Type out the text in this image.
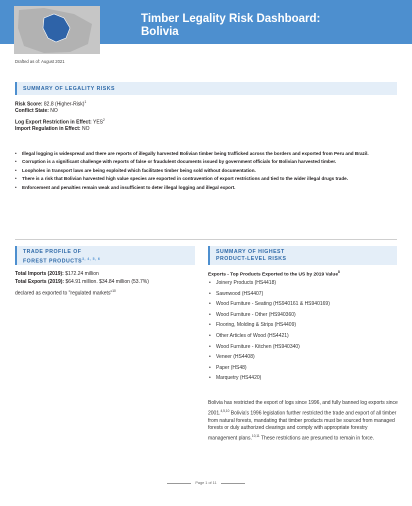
Timber Legality Risk Dashboard:
Bolivia
Drafted as of: August 2021
SUMMARY OF LEGALITY RISKS
Risk Score: 82.8 (Higher-Risk)$^1$
Conflict State: NO
Log Export Restriction in Effect: YES$^2$
Import Regulation in Effect: NO
• Illegal logging is widespread and there are reports of illegally harvested Bolivian timber being trafficked across the borders and exported from Peru and Brazil.
• Corruption is a significant challenge with reports of false or fraudulent documents issued by government officials for Bolivian harvested timber.
• Loopholes in transport laws are being exploited which facilitates timber being sold without documentation.
• There is a risk that Bolivian harvested high value species are exported in contravention of export restrictions and tied to the wider illegal drugs trade.
• Enforcement and penalties remain weak and insufficient to deter illegal logging and illegal export.
TRADE PROFILE OF
FOREST PRODUCTS$^{3, 4, 5, 6}$
SUMMARY OF HIGHEST
PRODUCT-LEVEL RISKS
Total Imports (2019): $172.24 million
Total Exports (2019): $64.91 million. $34.84 million (53.7%)
declared as exported to "regulated markets"$^{10}$
Exports - Top Products Exported to the US by 2019 Value$^8$
• Joinery Products (HS4418)
• Sawnwood (HS4407)
• Wood Furniture - Seating (HS940161 & HS940169)
• Wood Furniture - Other (HS940360)
• Flooring, Molding & Strips (HS4409)
• Other Articles of Wood (HS4421)
• Wood Furniture - Kitchen (HS940340)
• Veneer (HS4408)
• Paper (HS48)
• Marquetry (HS4420)
Bolivia has restricted the export of logs since 1996, and fully banned log exports since 2001.$^{4,5,10}$ Bolivia's 1996 legislation further restricted the trade and export of all timber from natural forests, mandating that timber products must be sourced from managed forests or duly authorized clearings and comply with appropriate forestry management plans.$^{10,11}$ These restrictions are presumed to remain in force.
Page 1 of 11
